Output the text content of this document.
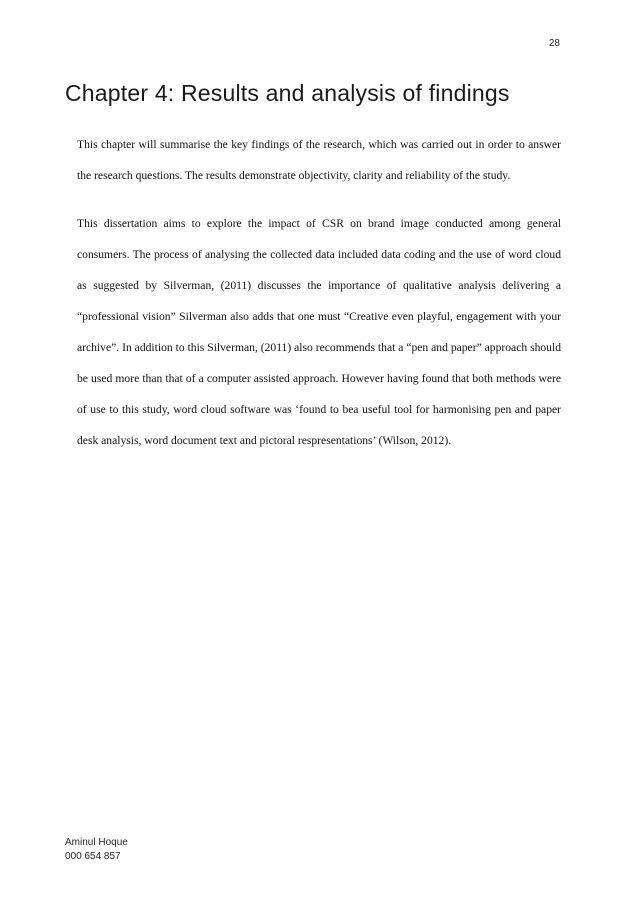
28
Chapter 4: Results and analysis of findings

This chapter will summarise the key findings of the research, which was carried out in order to answer the research questions. The results demonstrate objectivity, clarity and reliability of the study.

This dissertation aims to explore the impact of CSR on brand image conducted among general consumers. The process of analysing the collected data included data coding and the use of word cloud as suggested by Silverman, (2011) discusses the importance of qualitative analysis delivering a “professional vision” Silverman also adds that one must “Creative even playful, engagement with your archive”. In addition to this Silverman, (2011) also recommends that a “pen and paper” approach should be used more than that of a computer assisted approach. However having found that both methods were of use to this study, word cloud software was ‘found to bea useful tool for harmonising pen and paper desk analysis, word document text and pictoral respresentations’ (Wilson, 2012).

Aminul Hoque
000 654 857
